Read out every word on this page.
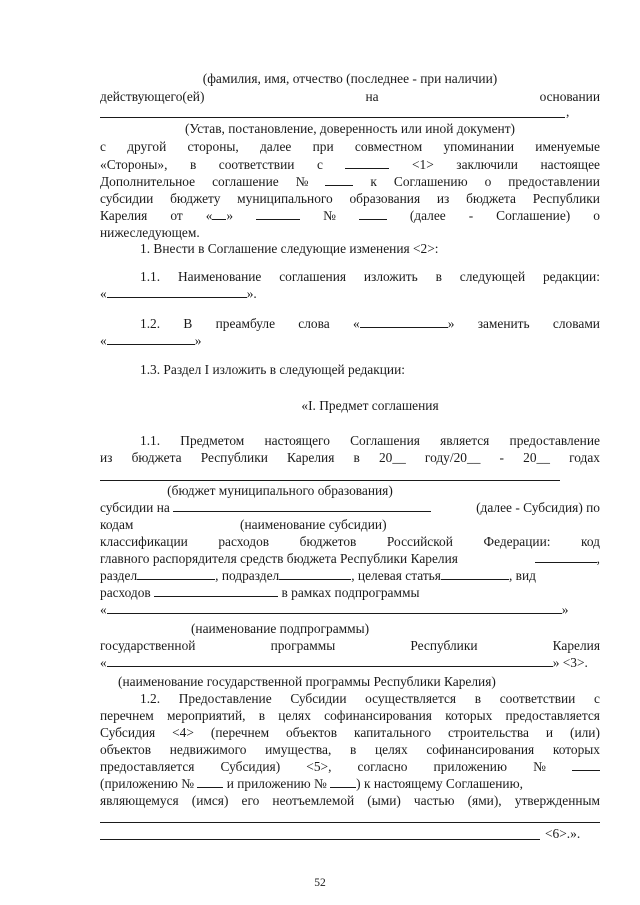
(фамилия, имя, отчество (последнее - при наличии)
действующего(ей)	на	основании
,
(Устав, постановление, доверенность или иной документ)
с другой стороны, далее при совместном упоминании именуемые
«Стороны», в соответствии с	<1> заключили настоящее
Дополнительное соглашение №	к Соглашению о предоставлении
субсидии бюджету муниципального образования из бюджета Республики
Карелия от « »	№	(далее - Соглашение) о
нижеследующем.
1. Внести в Соглашение следующие изменения <2>:
1.1. Наименование соглашения изложить в следующей редакции:
«	».
1.2. В преамбуле слова «	» заменить словами
«	»
1.3. Раздел I изложить в следующей редакции:
«I. Предмет соглашения
1.1. Предметом настоящего Соглашения является предоставление
из бюджета Республики Карелия в 20__ году/20__ - 20__ годах
(бюджет муниципального образования)
субсидии на	(далее - Субсидия) по
кодам	(наименование субсидии)
классификации расходов бюджетов Российской Федерации: код
главного распорядителя средств бюджета Республики Карелия	,
раздел	, подраздел	, целевая статья	, вид
расходов	в рамках подпрограммы
«	»
(наименование подпрограммы)
государственной	программы	Республики	Карелия
«	» <3>.
(наименование государственной программы Республики Карелия)
1.2. Предоставление Субсидии осуществляется в соответствии с
перечнем мероприятий, в целях софинансирования которых предоставляется
Субсидия <4> (перечнем объектов капитального строительства и (или)
объектов недвижимого имущества, в целях софинансирования которых
предоставляется Субсидия) <5>, согласно приложению №
(приложению № и приложению № ) к настоящему Соглашению,
являющемуся (имся) его неотъемлемой (ыми) частью (ями), утвержденным
<6>.».
52
